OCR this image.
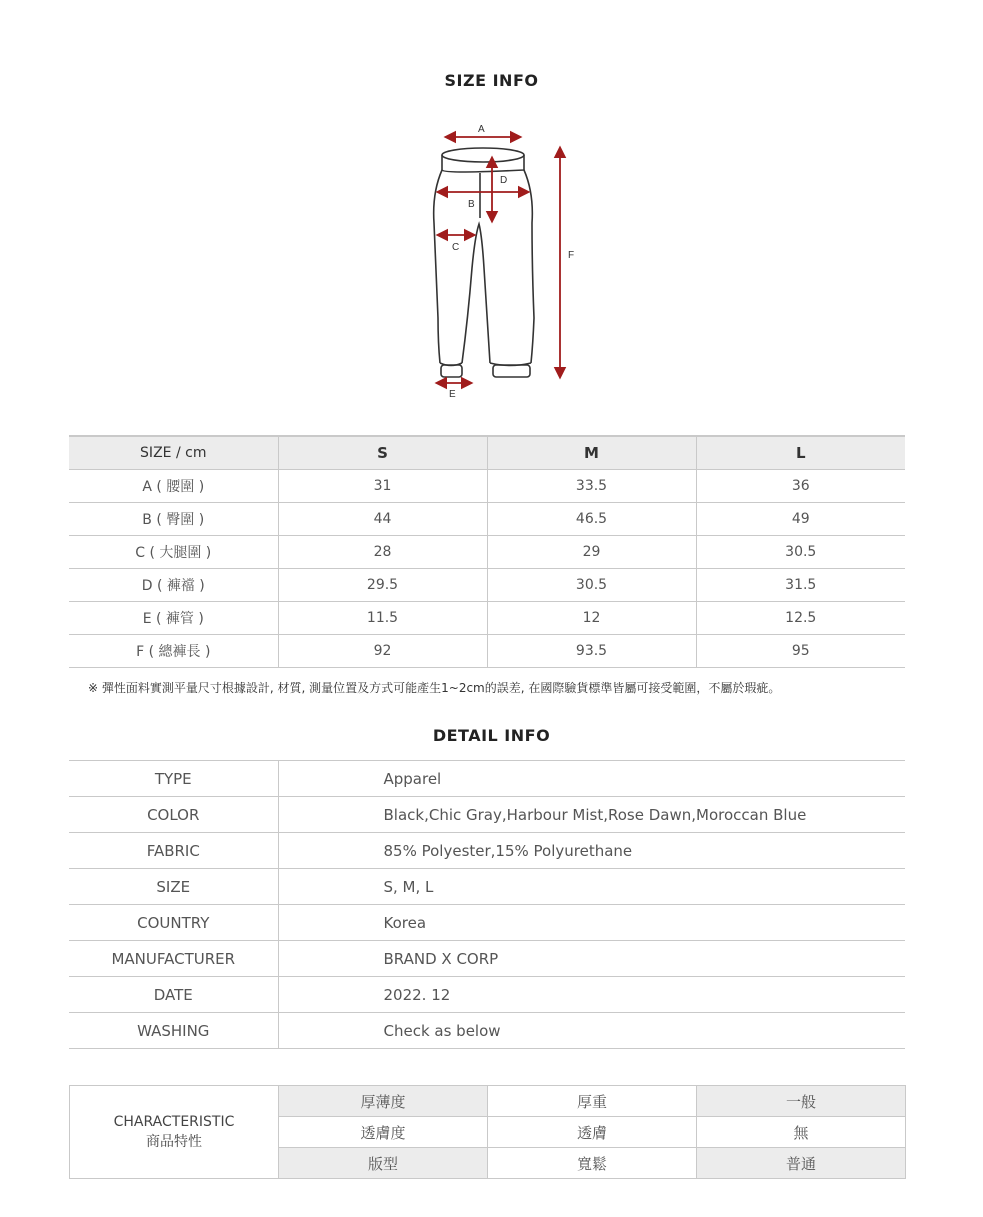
SIZE INFO
A
B
C
D
E
F
SIZE / cm	S	M	L
A ( 腰圍 )	31	33.5	36
B ( 臀圍 )	44	46.5	49
C ( 大腿圍 )	28	29	30.5
D ( 褲襠 )	29.5	30.5	31.5
E ( 褲管 )	11.5	12	12.5
F ( 總褲長 )	92	93.5	95
※ 彈性面料實測平量尺寸根據設計, 材質, 測量位置及方式可能產生1~2cm的誤差, 在國際驗貨標準皆屬可接受範圍，不屬於瑕疵。
DETAIL INFO
TYPE	Apparel
COLOR	Black,Chic Gray,Harbour Mist,Rose Dawn,Moroccan Blue
FABRIC	85% Polyester,15% Polyurethane
SIZE	S, M, L
COUNTRY	Korea
MANUFACTURER	BRAND X CORP
DATE	2022. 12
WASHING	Check as below
CHARACTERISTIC
商品特性	厚薄度	厚重	一般
	透膚度	透膚	無
	版型	寬鬆	普通
